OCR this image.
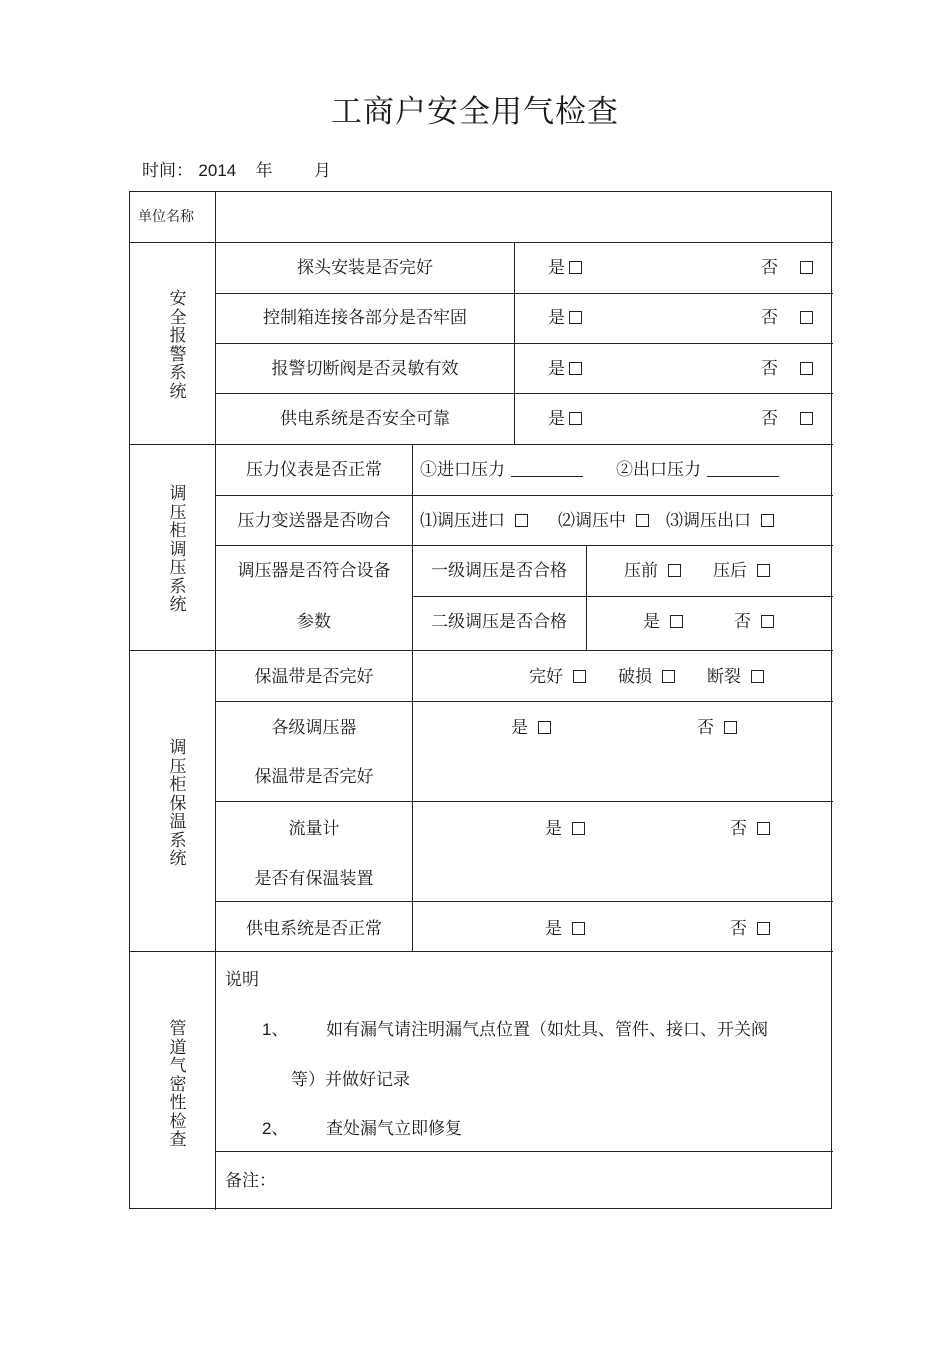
工商户安全用气检查
时间： 2014 年 月
单位名称
安
全
报
警
系
统
探头安装是否完好	是	否
控制箱连接各部分是否牢固	是	否
报警切断阀是否灵敏有效	是	否
供电系统是否安全可靠	是	否
调
压
柜
调
压
系
统
压力仪表是否正常	①进口压力	②出口压力
压力变送器是否吻合	⑴调压进口	⑵调压中	⑶调压出口
调压器是否符合设备
参数
一级调压是否合格	压前	压后
二级调压是否合格	是	否
调
压
柜
保
温
系
统
保温带是否完好	完好	破损	断裂
各级调压器
保温带是否完好
是	否
流量计
是否有保温装置
是	否
供电系统是否正常	是	否
管
道
气
密
性
检
查
说明
1、 如有漏气请注明漏气点位置（如灶具、管件、接口、开关阀
等）并做好记录
2、 查处漏气立即修复
备注：
